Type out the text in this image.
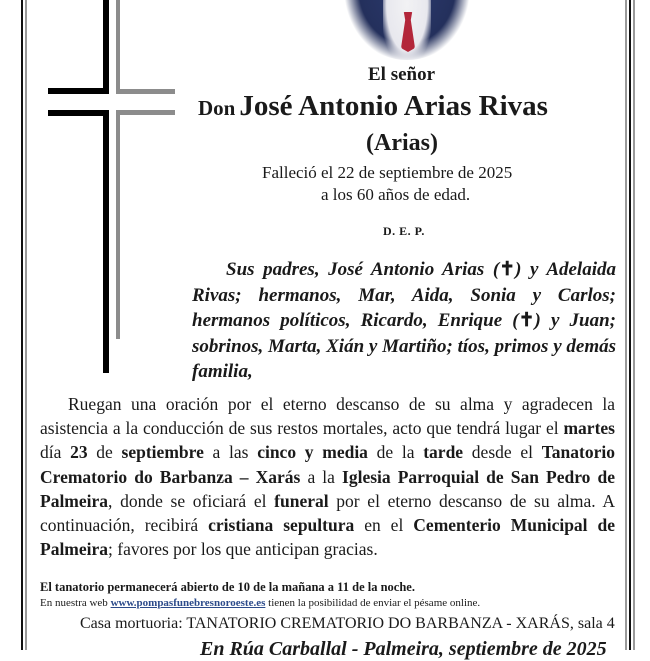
El señor
Don José Antonio Arias Rivas
(Arias)
Falleció el 22 de septiembre de 2025
a los 60 años de edad.
D. E. P.
Sus padres, José Antonio Arias (✝) y Adelaida Rivas; hermanos, Mar, Aida, Sonia y Carlos; hermanos políticos, Ricardo, Enrique (✝) y Juan; sobrinos, Marta, Xián y Martiño; tíos, primos y demás familia,
Ruegan una oración por el eterno descanso de su alma y agradecen la asistencia a la conducción de sus restos mortales, acto que tendrá lugar el martes día 23 de septiembre a las cinco y media de la tarde desde el Tanatorio Crematorio do Barbanza – Xarás a la Iglesia Parroquial de San Pedro de Palmeira, donde se oficiará el funeral por el eterno descanso de su alma. A continuación, recibirá cristiana sepultura en el Cementerio Municipal de Palmeira; favores por los que anticipan gracias.
El tanatorio permanecerá abierto de 10 de la mañana a 11 de la noche.
En nuestra web www.pompasfunebresnoroeste.es tienen la posibilidad de enviar el pésame online.
Casa mortuoria: TANATORIO CREMATORIO DO BARBANZA - XARÁS, sala 4
En Rúa Carballal - Palmeira, septiembre de 2025
